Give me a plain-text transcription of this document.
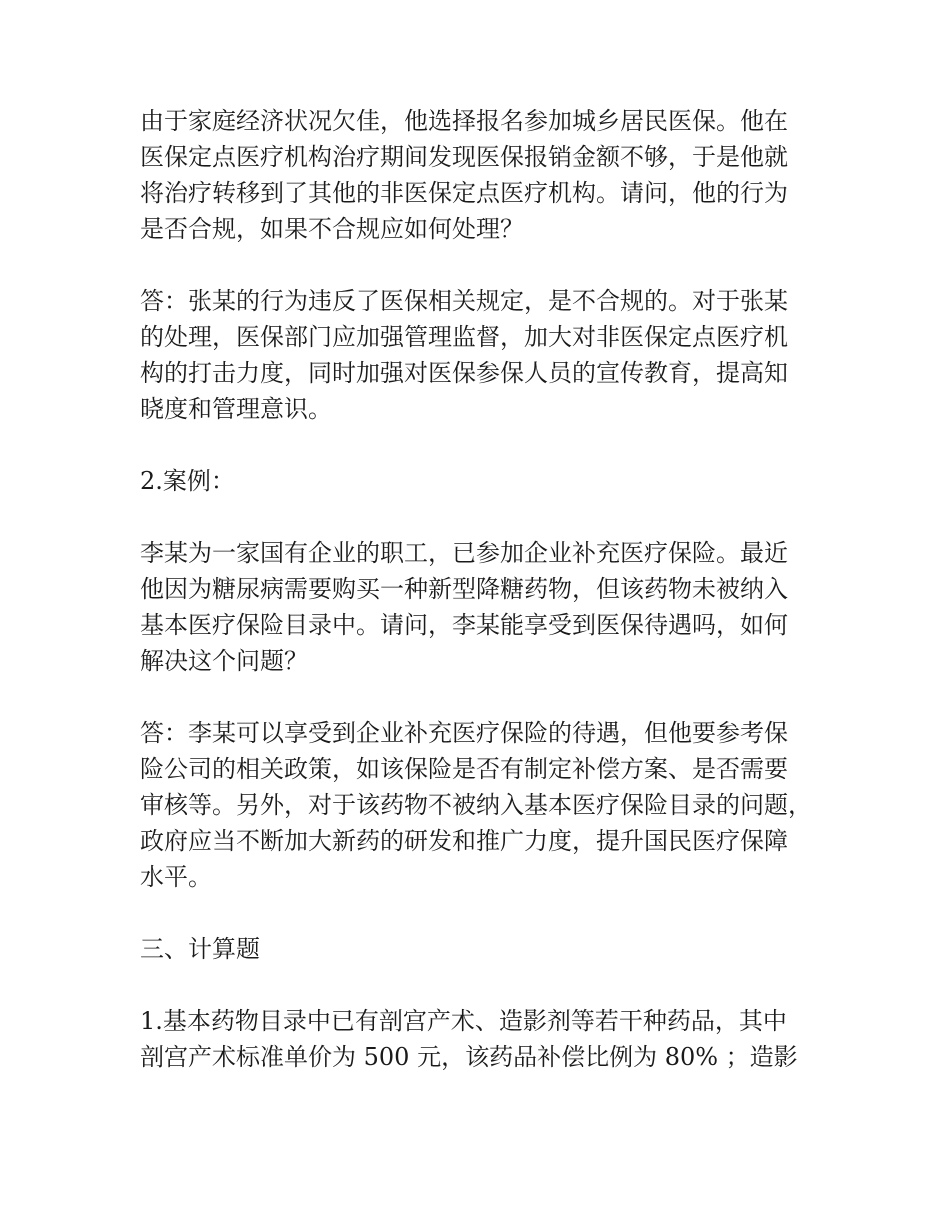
由于家庭经济状况欠佳，他选择报名参加城乡居民医保。他在
医保定点医疗机构治疗期间发现医保报销金额不够，于是他就
将治疗转移到了其他的非医保定点医疗机构。请问，他的行为
是否合规，如果不合规应如何处理？

答：张某的行为违反了医保相关规定，是不合规的。对于张某
的处理，医保部门应加强管理监督，加大对非医保定点医疗机
构的打击力度，同时加强对医保参保人员的宣传教育，提高知
晓度和管理意识。

2.案例：

李某为一家国有企业的职工，已参加企业补充医疗保险。最近
他因为糖尿病需要购买一种新型降糖药物，但该药物未被纳入
基本医疗保险目录中。请问，李某能享受到医保待遇吗，如何
解决这个问题？

答：李某可以享受到企业补充医疗保险的待遇，但他要参考保
险公司的相关政策，如该保险是否有制定补偿方案、是否需要
审核等。另外，对于该药物不被纳入基本医疗保险目录的问题，
政府应当不断加大新药的研发和推广力度，提升国民医疗保障
水平。

三、计算题

1.基本药物目录中已有剖宫产术、造影剂等若干种药品，其中
剖宫产术标准单价为 500 元，该药品补偿比例为 80% ；造影
